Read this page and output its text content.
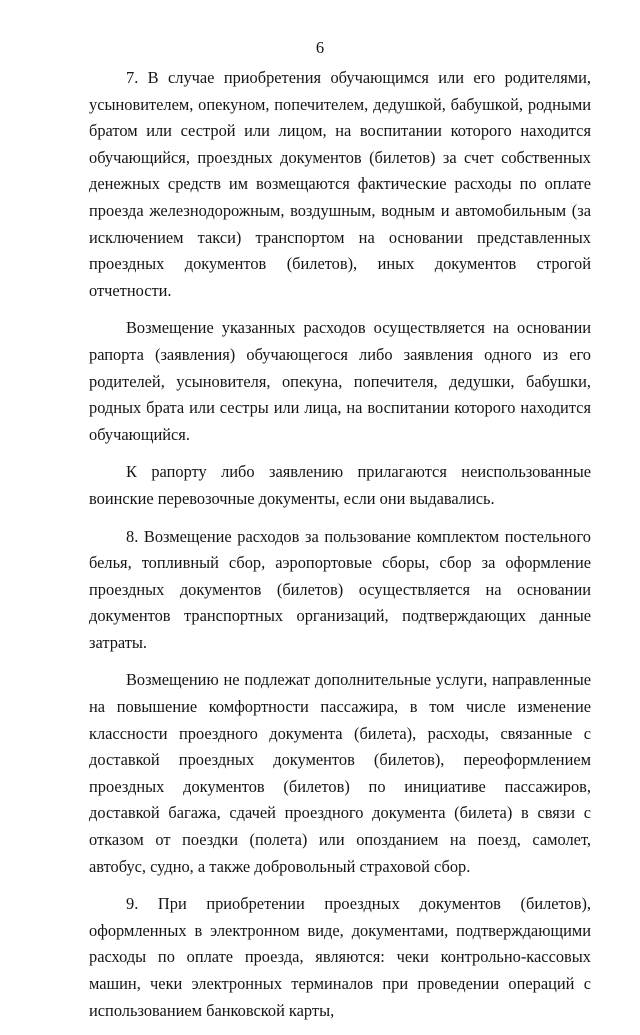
6

7. В случае приобретения обучающимся или его родителями, усыновителем, опекуном, попечителем, дедушкой, бабушкой, родными братом или сестрой или лицом, на воспитании которого находится обучающийся, проездных документов (билетов) за счет собственных денежных средств им возмещаются фактические расходы по оплате проезда железнодорожным, воздушным, водным и автомобильным (за исключением такси) транспортом на основании представленных проездных документов (билетов), иных документов строгой отчетности.

Возмещение указанных расходов осуществляется на основании рапорта (заявления) обучающегося либо заявления одного из его родителей, усыновителя, опекуна, попечителя, дедушки, бабушки, родных брата или сестры или лица, на воспитании которого находится обучающийся.

К рапорту либо заявлению прилагаются неиспользованные воинские перевозочные документы, если они выдавались.

8. Возмещение расходов за пользование комплектом постельного белья, топливный сбор, аэропортовые сборы, сбор за оформление проездных документов (билетов) осуществляется на основании документов транспортных организаций, подтверждающих данные затраты.

Возмещению не подлежат дополнительные услуги, направленные на повышение комфортности пассажира, в том числе изменение классности проездного документа (билета), расходы, связанные с доставкой проездных документов (билетов), переоформлением проездных документов (билетов) по инициативе пассажиров, доставкой багажа, сдачей проездного документа (билета) в связи с отказом от поездки (полета) или опозданием на поезд, самолет, автобус, судно, а также добровольный страховой сбор.

9. При приобретении проездных документов (билетов), оформленных в электронном виде, документами, подтверждающими расходы по оплате проезда, являются: чеки контрольно-кассовых машин, чеки электронных терминалов при проведении операций с использованием банковской карты,
